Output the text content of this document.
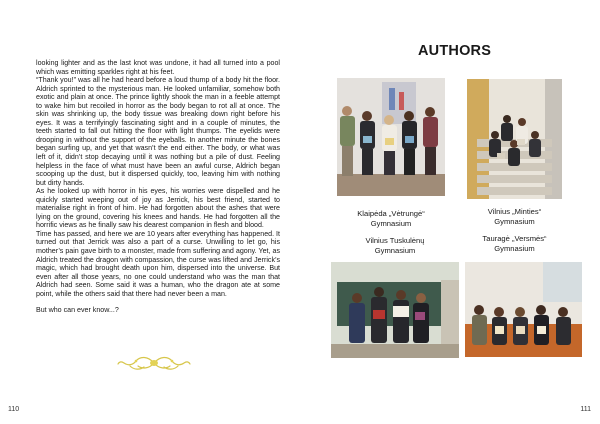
looking lighter and as the last knot was undone, it had all turned into a pool which was emitting sparkles right at his feet.

“Thank you!” was all he had heard before a loud thump of a body hit the floor. Aldrich sprinted to the mysterious man. He looked unfamiliar, somehow both exotic and plain at once. The prince lightly shook the man in a feeble attempt to wake him but recoiled in horror as the body began to rot all at once. The skin was shrinking up, the body tissue was breaking down right before his eyes. It was a terrifyingly fascinating sight and in a couple of minutes, the teeth started to fall out hitting the floor with light thumps. The eyelids were drooping in without the support of the eyeballs. In another minute the bones began surfing up, and yet that wasn’t the end either. The body, or what was left of it, didn’t stop decaying until it was nothing but a pile of dust. Feeling helpless in the face of what must have been an awful curse, Aldrich began scooping up the dust, but it dispersed quickly, too, leaving him with nothing but dirty hands.

As he looked up with horror in his eyes, his worries were dispelled and he quickly started weeping out of joy as Jerrick, his best friend, started to materialise right in front of him. He had forgotten about the ashes that were lying on the ground, covering his knees and hands. He had forgotten all the horrific views as he finally saw his dearest companion in flesh and blood.

Time has passed, and here we are 10 years after everything has happened. It turned out that Jerrick was also a part of a curse. Unwilling to let go, his mother’s pain gave birth to a monster, made from suffering and agony. Yet, as Aldrich treated the dragon with compassion, the curse was lifted and Jerrick’s magic, which had brought death upon him, dispersed into the universe. But even after all those years, no one could understand who was the man that Aldrich had seen. Some said it was a human, who the dragon ate at some point, while the others said that there had never been a man.

But who can ever know...?

110
AUTHORS
Klaipėda „Vėtrungė“
Gymnasium
Vilnius Tuskulėnų
Gymnasium
Vilnius „Minties“
Gymnasium
Tauragė „Versmės“
Gymnasium
111
